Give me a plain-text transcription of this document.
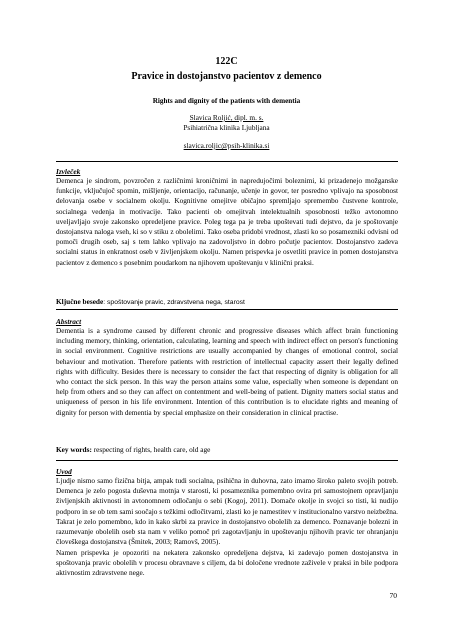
122C
Pravice in dostojanstvo pacientov z demenco
Rights and dignity of the patients with dementia
Slavica Roljić, dipl. m. s.
Psihiatrična klinika Ljubljana
slavica.roljic@psih-klinika.si
Izvleček

Demenca je sindrom, povzročen z različnimi kroničnimi in napredujočimi boleznimi, ki prizadenejo možganske funkcije, vključujoč spomin, mišljenje, orientacijo, računanje, učenje in govor, ter posredno vplivajo na sposobnost delovanja osebe v socialnem okolju. Kognitivne omejitve običajno spremljajo spremembo čustvene kontrole, socialnega vedenja in motivacije. Tako pacienti ob omejitvah intelektualnih sposobnosti težko avtonomno uveljavljajo svoje zakonsko opredeljene pravice. Poleg tega pa je treba upoštevati tudi dejstvo, da je spoštovanje dostojanstva naloga vseh, ki so v stiku z obolelimi. Tako oseba pridobi vrednost, zlasti ko so posamezniki odvisni od pomoči drugih oseb, saj s tem lahko vplivajo na zadovoljstvo in dobro počutje pacientov. Dostojanstvo zadeva socialni status in enkratnost oseb v življenjskem okolju. Namen prispevka je osvetliti pravice in pomen dostojanstva pacientov z demenco s posebnim poudarkom na njihovem upoštevanju v klinični praksi.

Ključne besede: spoštovanje pravic, zdravstvena nega, starost
Abstract

Dementia is a syndrome caused by different chronic and progressive diseases which affect brain functioning including memory, thinking, orientation, calculating, learning and speech with indirect effect on person's functioning in social environment. Cognitive restrictions are usually accompanied by changes of emotional control, social behaviour and motivation. Therefore patients with restriction of intellectual capacity assert their legally defined rights with difficulty. Besides there is necessary to consider the fact that respecting of dignity is obligation for all who contact the sick person. In this way the person attains some value, especially when someone is dependant on help from others and so they can affect on contentment and well-being of patient. Dignity matters social status and uniqueness of person in his life environment. Intention of this contribution is to elucidate rights and meaning of dignity for person with dementia by special emphasize on their consideration in clinical practise.

Key words: respecting of rights, health care, old age
Uvod

Ljudje nismo samo fizična bitja, ampak tudi socialna, psihična in duhovna, zato imamo široko paleto svojih potreb. Demenca je zelo pogosta duševna motnja v starosti, ki posameznika pomembno ovira pri samostojnem opravljanju življenjskih aktivnosti in avtonomnem odločanju o sebi (Kogoj, 2011). Domače okolje in svojci so tisti, ki nudijo podporo in se ob tem sami soočajo s težkimi odločitvami, zlasti ko je namestitev v institucionalno varstvo neizbežna. Takrat je zelo pomembno, kdo in kako skrbi za pravice in dostojanstvo obolelih za demenco. Poznavanje bolezni in razumevanje obolelih oseb sta nam v veliko pomoč pri zagotavljanju in upoštevanju njihovih pravic ter ohranjanju človeškega dostojanstva (Šmitek, 2003; Ramovš, 2005).

Namen prispevka je opozoriti na nekatera zakonsko opredeljena dejstva, ki zadevajo pomen dostojanstva in spoštovanja pravic obolelih v procesu obravnave s ciljem, da bi določene vrednote zaživele v praksi in bile podpora aktivnostim zdravstvene nege.

70
